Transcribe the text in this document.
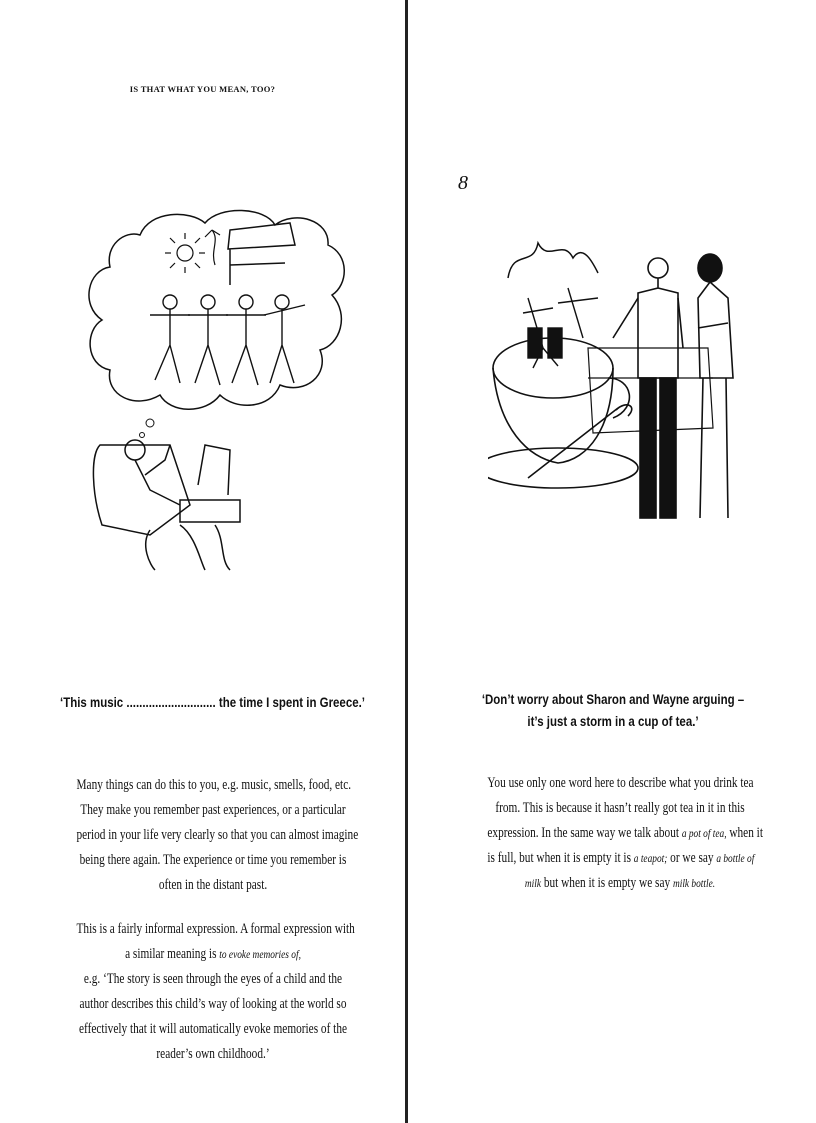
IS THAT WHAT YOU MEAN, TOO?
‘This music ............................ the time I spent in Greece.’

Many things can do this to you, e.g. music, smells, food, etc.

They make you remember past experiences, or a particular

period in your life very clearly so that you can almost imagine

being there again. The experience or time you remember is

often in the distant past.

This is a fairly informal expression. A formal expression with

a similar meaning is to evoke memories of,

e.g. ‘The story is seen through the eyes of a child and the

author describes this child’s way of looking at the world so

effectively that it will automatically evoke memories of the

reader’s own childhood.’

8
‘Don’t worry about Sharon and Wayne arguing –
it’s just a storm in a cup of tea.’

You use only one word here to describe what you drink tea

from. This is because it hasn’t really got tea in it in this

expression. In the same way we talk about a pot of tea, when it

is full, but when it is empty it is a teapot; or we say a bottle of

milk but when it is empty we say milk bottle.
